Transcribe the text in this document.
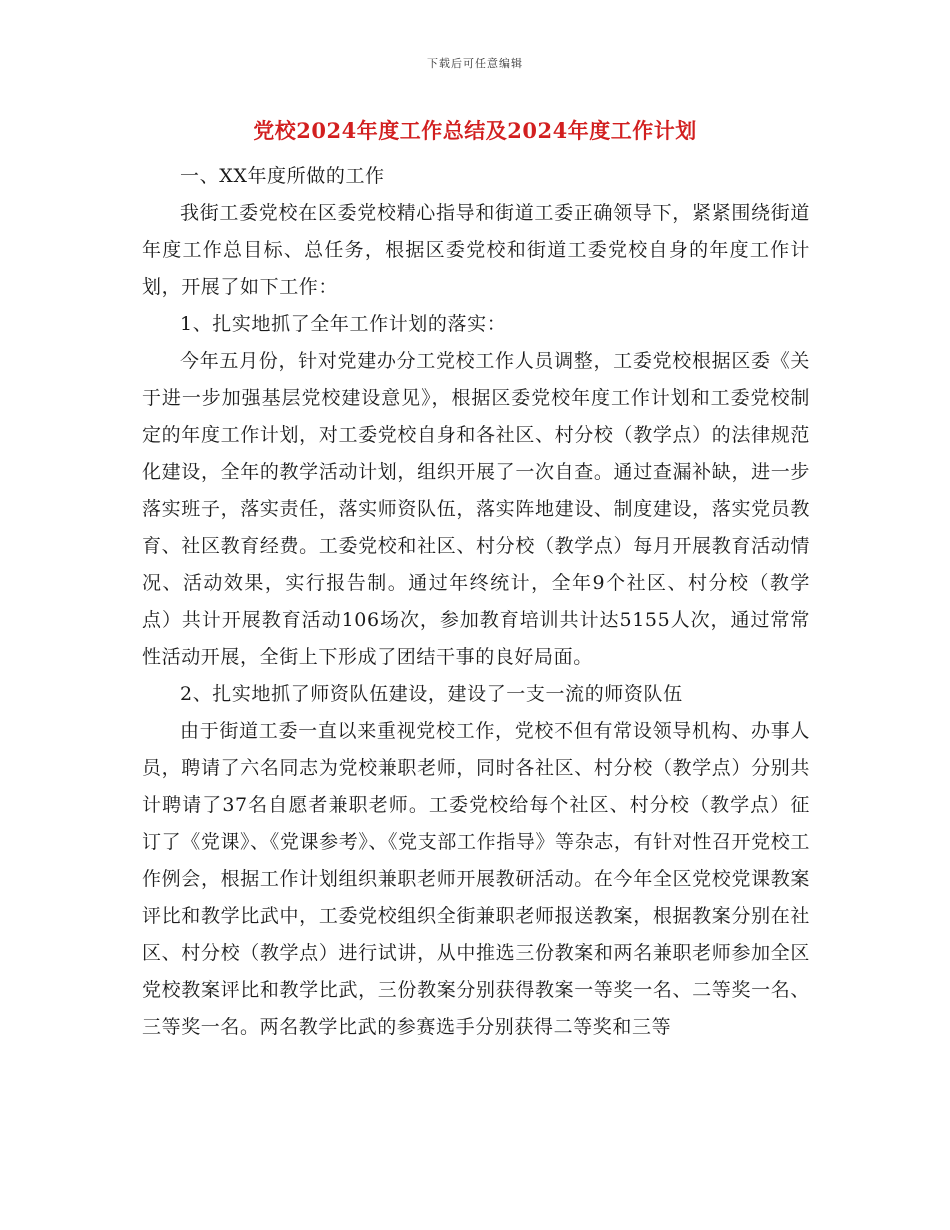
下载后可任意编辑
党校2024年度工作总结及2024年度工作计划

一、XX年度所做的工作

我街工委党校在区委党校精心指导和街道工委正确领导下，紧紧围绕街道年度工作总目标、总任务，根据区委党校和街道工委党校自身的年度工作计划，开展了如下工作：

1、扎实地抓了全年工作计划的落实：

今年五月份，针对党建办分工党校工作人员调整，工委党校根据区委《关于进一步加强基层党校建设意见》，根据区委党校年度工作计划和工委党校制定的年度工作计划，对工委党校自身和各社区、村分校（教学点）的法律规范化建设，全年的教学活动计划，组织开展了一次自查。通过查漏补缺，进一步落实班子，落实责任，落实师资队伍，落实阵地建设、制度建设，落实党员教育、社区教育经费。工委党校和社区、村分校（教学点）每月开展教育活动情况、活动效果，实行报告制。通过年终统计，全年9个社区、村分校（教学点）共计开展教育活动106场次，参加教育培训共计达5155人次，通过常常性活动开展，全街上下形成了团结干事的良好局面。

2、扎实地抓了师资队伍建设，建设了一支一流的师资队伍

由于街道工委一直以来重视党校工作，党校不但有常设领导机构、办事人员，聘请了六名同志为党校兼职老师，同时各社区、村分校（教学点）分别共计聘请了37名自愿者兼职老师。工委党校给每个社区、村分校（教学点）征订了《党课》、《党课参考》、《党支部工作指导》等杂志，有针对性召开党校工作例会，根据工作计划组织兼职老师开展教研活动。在今年全区党校党课教案评比和教学比武中，工委党校组织全街兼职老师报送教案，根据教案分别在社区、村分校（教学点）进行试讲，从中推选三份教案和两名兼职老师参加全区党校教案评比和教学比武，三份教案分别获得教案一等奖一名、二等奖一名、三等奖一名。两名教学比武的参赛选手分别获得二等奖和三等
